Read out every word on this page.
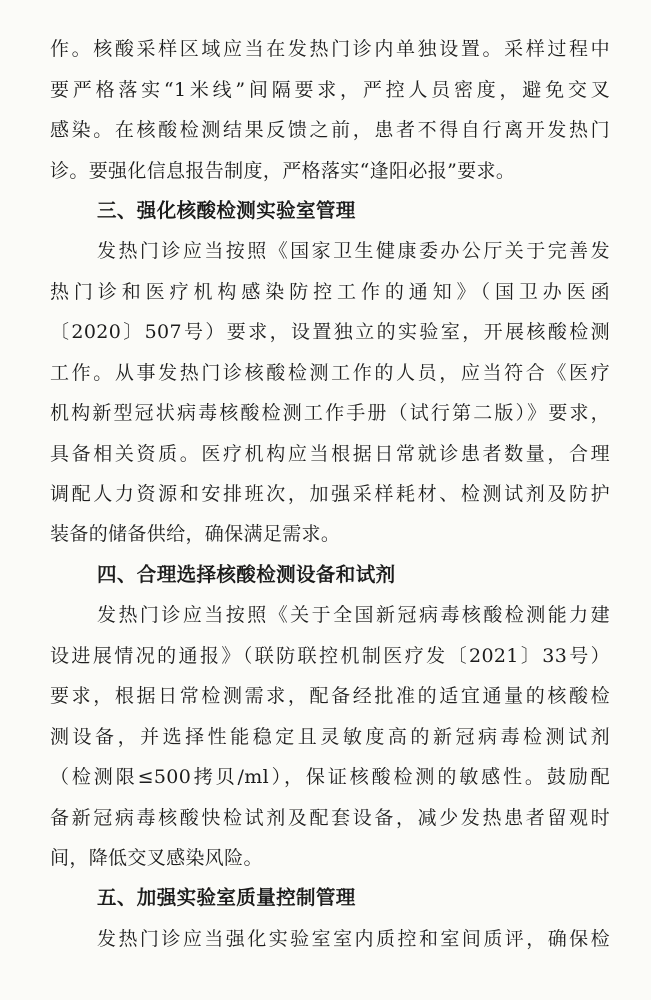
作。核酸采样区域应当在发热门诊内单独设置。采样过程中
要严格落实“1米线”间隔要求，严控人员密度，避免交叉
感染。在核酸检测结果反馈之前，患者不得自行离开发热门
诊。要强化信息报告制度，严格落实“逢阳必报”要求。
三、强化核酸检测实验室管理
发热门诊应当按照《国家卫生健康委办公厅关于完善发
热门诊和医疗机构感染防控工作的通知》（国卫办医函
〔2020〕507号）要求，设置独立的实验室，开展核酸检测
工作。从事发热门诊核酸检测工作的人员，应当符合《医疗
机构新型冠状病毒核酸检测工作手册（试行第二版）》要求，
具备相关资质。医疗机构应当根据日常就诊患者数量，合理
调配人力资源和安排班次，加强采样耗材、检测试剂及防护
装备的储备供给，确保满足需求。
四、合理选择核酸检测设备和试剂
发热门诊应当按照《关于全国新冠病毒核酸检测能力建
设进展情况的通报》（联防联控机制医疗发〔2021〕33号）
要求，根据日常检测需求，配备经批准的适宜通量的核酸检
测设备，并选择性能稳定且灵敏度高的新冠病毒检测试剂
（检测限≤500拷贝/ml），保证核酸检测的敏感性。鼓励配
备新冠病毒核酸快检试剂及配套设备，减少发热患者留观时
间，降低交叉感染风险。
五、加强实验室质量控制管理
发热门诊应当强化实验室室内质控和室间质评，确保检
